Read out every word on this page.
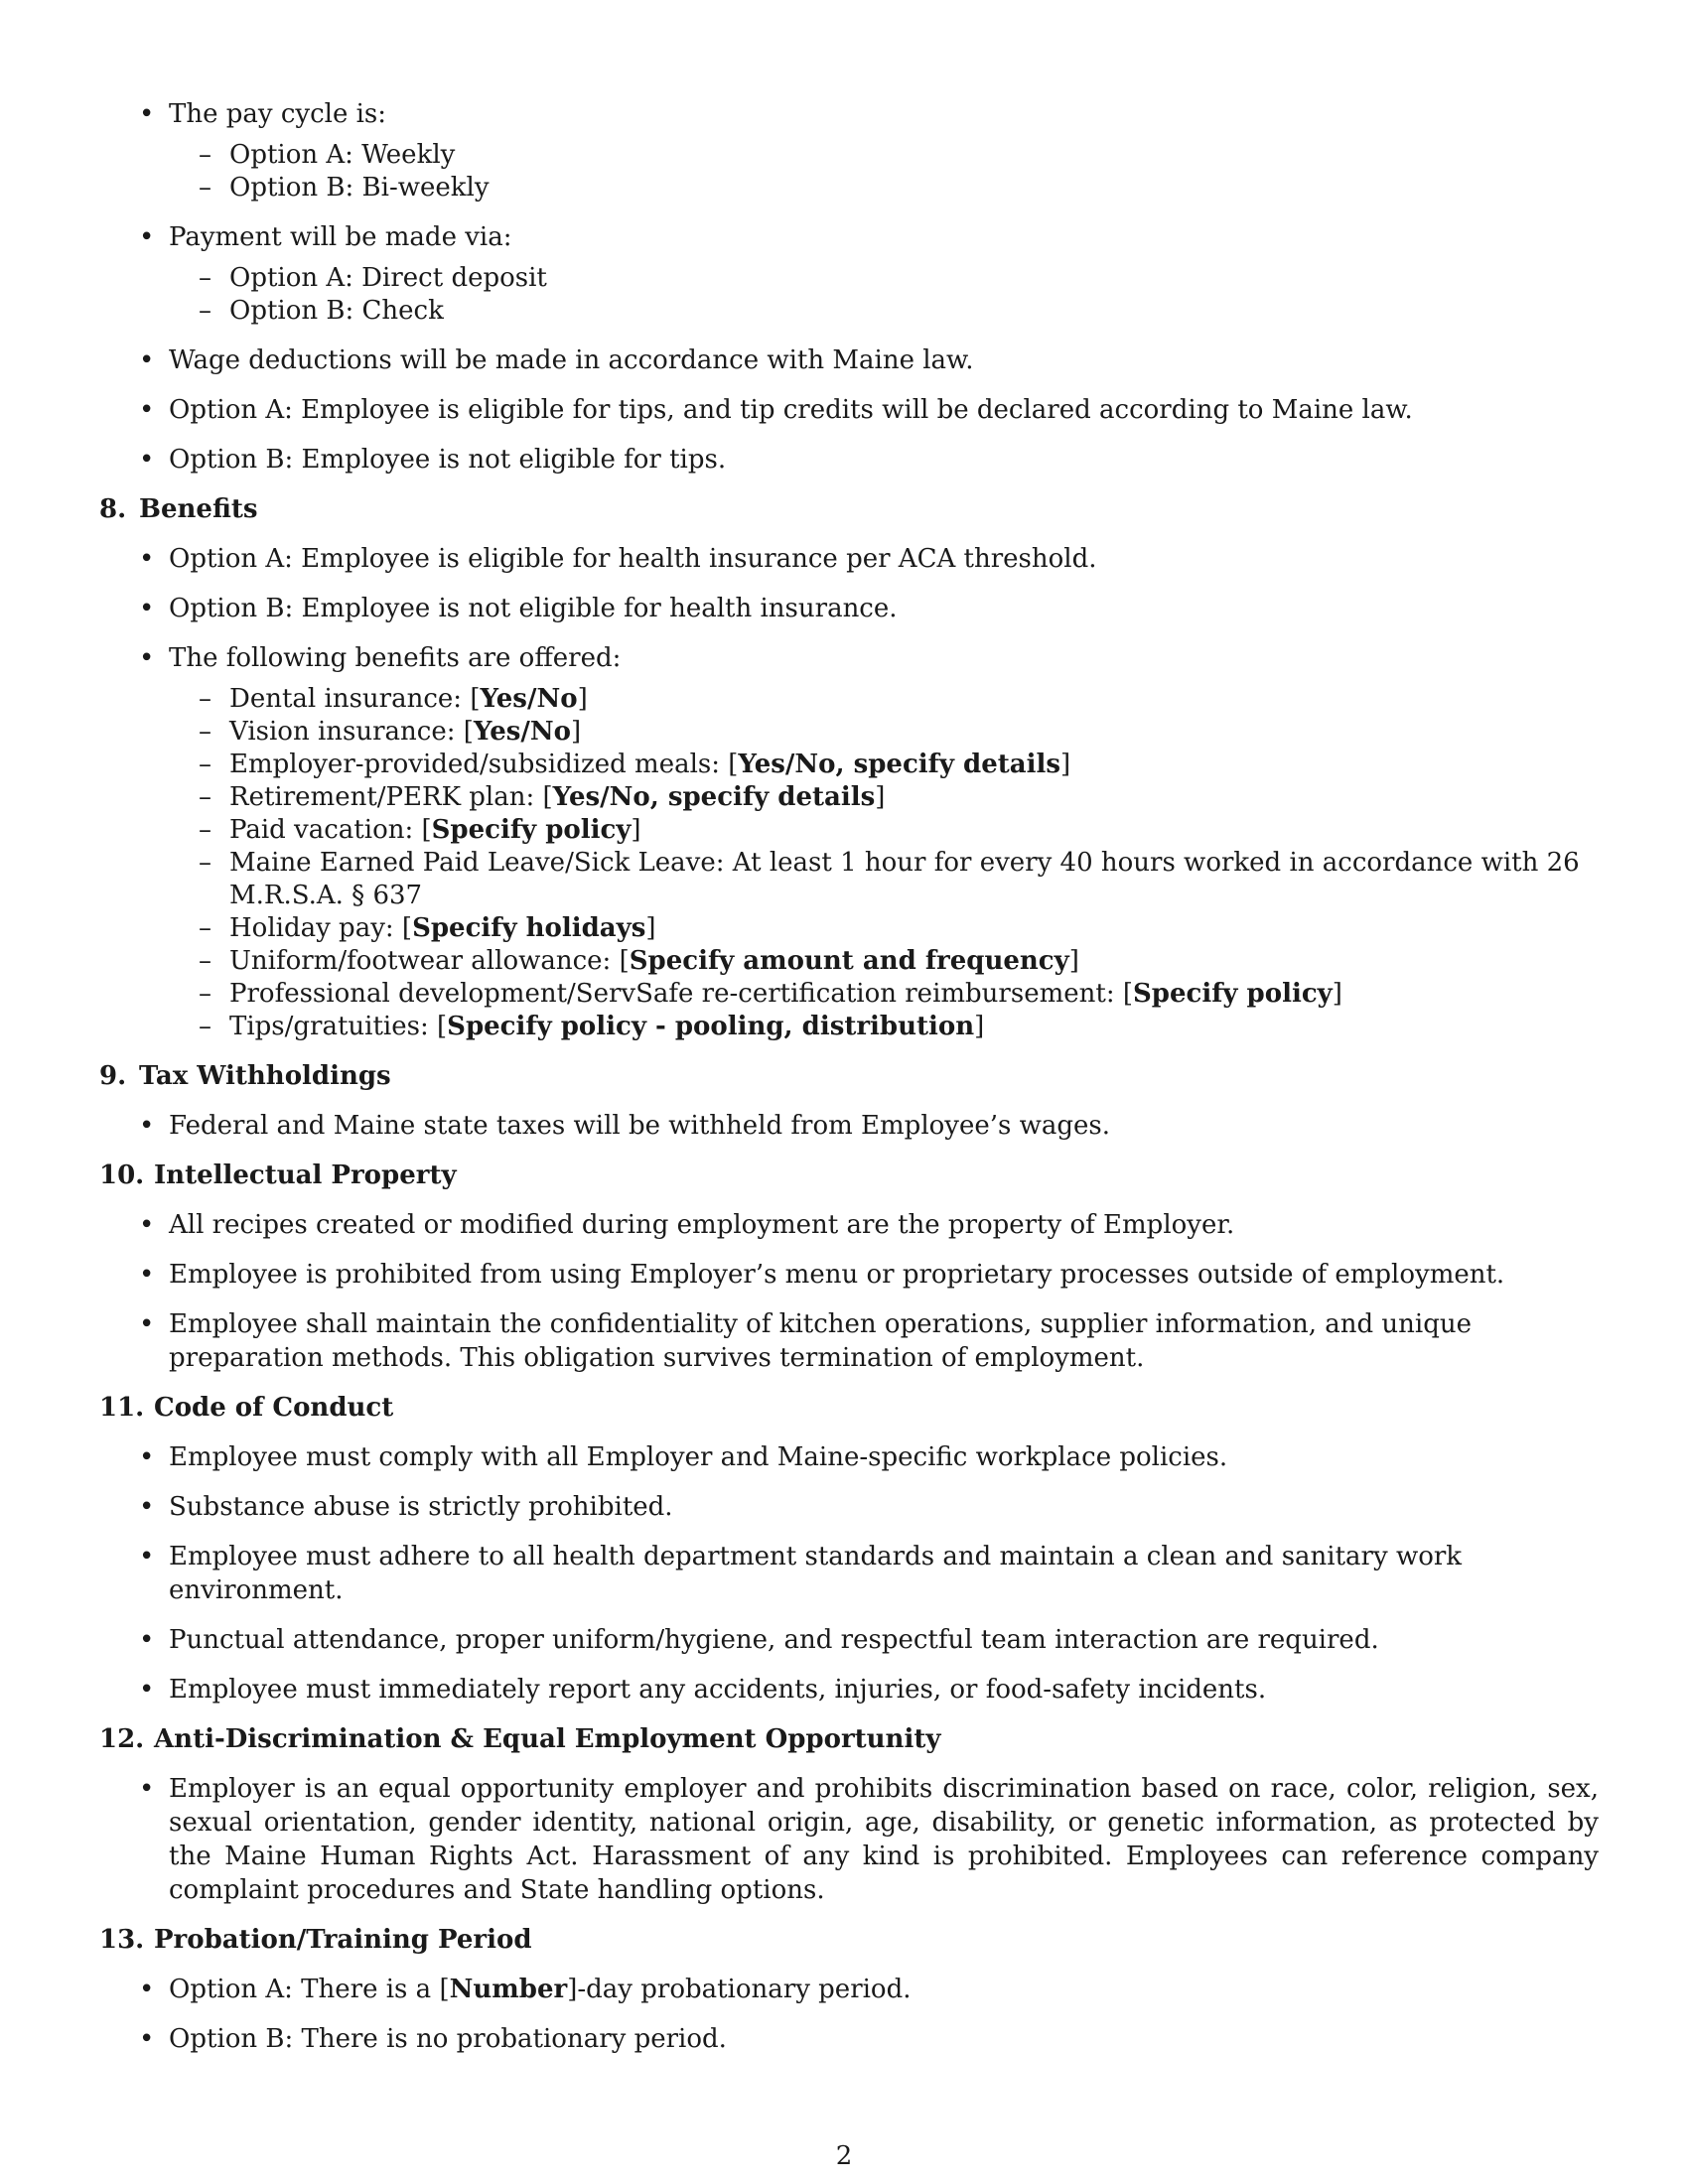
• The pay cycle is:
– Option A: Weekly
– Option B: Bi-weekly
• Payment will be made via:
– Option A: Direct deposit
– Option B: Check
• Wage deductions will be made in accordance with Maine law.
• Option A: Employee is eligible for tips, and tip credits will be declared according to Maine law.
• Option B: Employee is not eligible for tips.
8. Benefits
• Option A: Employee is eligible for health insurance per ACA threshold.
• Option B: Employee is not eligible for health insurance.
• The following benefits are offered:
– Dental insurance: [Yes/No]
– Vision insurance: [Yes/No]
– Employer-provided/subsidized meals: [Yes/No, specify details]
– Retirement/PERK plan: [Yes/No, specify details]
– Paid vacation: [Specify policy]
– Maine Earned Paid Leave/Sick Leave: At least 1 hour for every 40 hours worked in accordance with 26 M.R.S.A. § 637
– Holiday pay: [Specify holidays]
– Uniform/footwear allowance: [Specify amount and frequency]
– Professional development/ServSafe re-certification reimbursement: [Specify policy]
– Tips/gratuities: [Specify policy - pooling, distribution]
9. Tax Withholdings
• Federal and Maine state taxes will be withheld from Employee’s wages.
10. Intellectual Property
• All recipes created or modified during employment are the property of Employer.
• Employee is prohibited from using Employer’s menu or proprietary processes outside of employment.
• Employee shall maintain the confidentiality of kitchen operations, supplier information, and unique preparation methods. This obligation survives termination of employment.
11. Code of Conduct
• Employee must comply with all Employer and Maine-specific workplace policies.
• Substance abuse is strictly prohibited.
• Employee must adhere to all health department standards and maintain a clean and sanitary work environment.
• Punctual attendance, proper uniform/hygiene, and respectful team interaction are required.
• Employee must immediately report any accidents, injuries, or food-safety incidents.
12. Anti-Discrimination & Equal Employment Opportunity
• Employer is an equal opportunity employer and prohibits discrimination based on race, color, religion, sex, sexual orientation, gender identity, national origin, age, disability, or genetic information, as protected by the Maine Human Rights Act. Harassment of any kind is prohibited. Employees can reference company complaint procedures and State handling options.
13. Probation/Training Period
• Option A: There is a [Number]-day probationary period.
• Option B: There is no probationary period.
2
